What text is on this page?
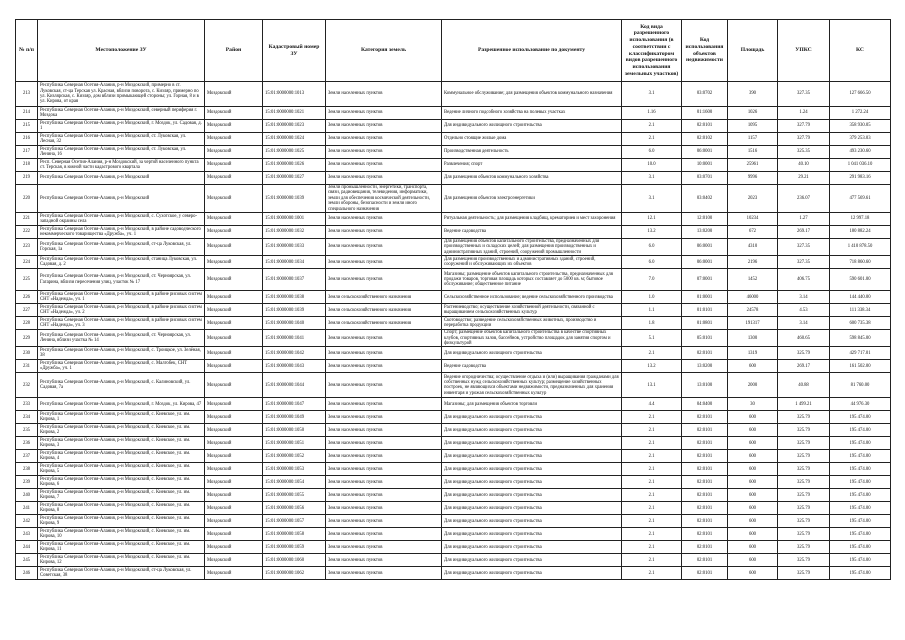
№ п/п	Местоположение ЗУ	Район	Кадастровый номер ЗУ	Категория земель	Разрешенное использование по документу	Код вида разрешенного использования (в соответствии с классификатором видов разрешенного использования земельных участков)	Код использования объектов недвижимости	Площадь	УПКС	КС
213	Республика Северная Осетия-Алания, р-н Моздокский, примерно в ст. Луковская, ст-ца Терская ул. Красная, вблизи поворота, с. Кизляр, примерно по ул. Кизлярская, с. Кизляр, дом вблизи примыкающей стороны; ул. Горная, 8 и в ул. Кирова, от края	Моздокский	15:01:0000000:1013	Земли населенных пунктов	Коммунальное обслуживание; для размещения объектов коммунального назначения	3.1	03:0702	390	327.35	127 666.50
214	Республика Северная Осетия-Алания, р-н Моздокский, северный периферия г. Моздока	Моздокский	15:01:0000000:1021	Земли населенных пунктов	Ведение личного подсобного хозяйства на полевых участках	1.16	01:1600	1026	1.24	1 272.24
215	Республика Северная Осетия-Алания, р-н Моздокский, г. Моздок, ул. Садовая, д. 1	Моздокский	15:01:0000000:1023	Земли населенных пунктов	Для индивидуального жилищного строительства	2.1	02:0101	1095	327.79	358 930.05
216	Республика Северная Осетия-Алания, р-н Моздокский, ст. Луковская, ул. Лесная, 32	Моздокский	15:01:0000000:1024	Земли населенных пунктов	Отдельно стоящие жилые дома	2.1	02:0102	1157	327.79	379 253.03
217	Республика Северная Осетия-Алания, р-н Моздокский, ст. Луковская, ул. Ленина, 16	Моздокский	15:01:0000000:1025	Земли населенных пунктов	Производственная деятельность	6.0	06:0001	1516	325.35	493 230.60
218	Респ. Северная Осетия-Алания, р-н Моздокский, за чертой населенного пункта ст. Терская, в южной части кадастрового квартала	Моздокский	15:01:0000000:1026	Земли населенных пунктов	Развлечения; спорт	10.0	10:0001	25961	40.10	1 041 036.10
219	Республика Северная Осетия-Алания, р-н Моздокский	Моздокский	15:01:0000000:1027	Земли населенных пунктов	Для размещения объектов коммунального хозяйства	3.1	03:0701	9996	29.21	291 983.16
220	Республика Северная Осетия-Алания, р-н Моздокский	Моздокский	15:01:0000000:1039	Земли промышленности, энергетики, транспорта, связи, радиовещания, телевидения, информатики, земли для обеспечения космической деятельности, земли обороны, безопасности и земли иного специального назначения	Для размещения объектов электроэнергетики	3.1	03:0402	2023	236.07	477 569.61
221	Республика Северная Осетия-Алания, р-н Моздокский, с. Сухотское, у северо-западной окраины села	Моздокский	15:01:0000000:1001	Земли населенных пунктов	Ритуальная деятельность; для размещения кладбищ, крематориев и мест захоронения	12.1	12:0100	10234	1.27	12 997.18
222	Республика Северная Осетия-Алания, р-н Моздокский, в районе садоводческого некоммерческого товарищества «Дружба», уч. 1	Моздокский	15:01:0000000:1032	Земли населенных пунктов	Ведение садоводства	13.2	13:0200	672	269.17	180 882.24
223	Республика Северная Осетия-Алания, р-н Моздокский, ст-ца Луковская, ул. Горская, 1а	Моздокский	15:01:0000000:1033	Земли населенных пунктов	Для размещения объектов капитального строительства, предназначенных для производственных и складских целей; для размещения производственных и административных зданий, строений, сооружений промышленности	6.0	06:0001	4310	327.35	1 410 878.50
224	Республика Северная Осетия-Алания, р-н Моздокский, станица Луковская, ул. Садовая, д. 2	Моздокский	15:01:0000000:1034	Земли населенных пунктов	Для размещения производственных и административных зданий, строений, сооружений и обслуживающих их объектов	6.0	06:0001	2196	327.35	718 860.60
225	Республика Северная Осетия-Алания, р-н Моздокский, ст. Черноярская, ул. Гагарина, вблизи пересечения улиц, участок № 17	Моздокский	15:01:0000000:1037	Земли населенных пунктов	Магазины; размещение объектов капитального строительства, предназначенных для продажи товаров, торговая площадь которых составляет до 5000 кв. м; бытовое обслуживание; общественное питание	7.0	07:0001	1452	406.75	590 601.00
226	Республика Северная Осетия-Алания, р-н Моздокский, в районе рисовых систем СНТ «Надежда», уч. 1	Моздокский	15:01:0000000:1038	Земли сельскохозяйственного назначения	Сельскохозяйственное использование; ведение сельскохозяйственного производства	1.0	01:0001	46000	3.14	144 440.00
227	Республика Северная Осетия-Алания, р-н Моздокский, в районе рисовых систем СНТ «Надежда», уч. 2	Моздокский	15:01:0000000:1039	Земли сельскохозяйственного назначения	Растениеводство; осуществление хозяйственной деятельности, связанной с выращиванием сельскохозяйственных культур	1.1	01:0101	24578	4.53	111 338.34
228	Республика Северная Осетия-Алания, р-н Моздокский, в районе рисовых систем СНТ «Надежда», уч. 3	Моздокский	15:01:0000000:1040	Земли сельскохозяйственного назначения	Скотоводство; разведение сельскохозяйственных животных, производство и переработка продукции	1.8	01:0801	191317	3.14	600 735.38
229	Республика Северная Осетия-Алания, р-н Моздокский, ст. Черноярская, ул. Ленина, вблизи участка № 14	Моздокский	15:01:0000000:1041	Земли населенных пунктов	Спорт; размещение объектов капитального строительства в качестве спортивных клубов, спортивных залов, бассейнов, устройство площадок для занятия спортом и физкультурой	5.1	05:0101	1300	460.65	598 845.00
230	Республика Северная Осетия-Алания, р-н Моздокский, с. Троицкое, ул. Зелёная, 38	Моздокский	15:01:0000000:1042	Земли населенных пунктов	Для индивидуального жилищного строительства	2.1	02:0101	1319	325.79	429 717.01
231	Республика Северная Осетия-Алания, р-н Моздокский, с. Малгобек, СНТ «Дружба», уч. 1	Моздокский	15:01:0000000:1043	Земли населенных пунктов	Ведение садоводства	13.2	13:0200	600	269.17	161 502.00
232	Республика Северная Осетия-Алания, р-н Моздокский, с. Калиновский, ул. Садовая, 7а	Моздокский	15:01:0000000:1044	Земли населенных пунктов	Ведение огородничества; осуществление отдыха и (или) выращивания гражданами для собственных нужд сельскохозяйственных культур; размещение хозяйственных построек, не являющихся объектами недвижимости, предназначенных для хранения инвентаря и урожая сельскохозяйственных культур	13.1	13:0100	2000	40.88	81 760.00
233	Республика Северная Осетия-Алания, р-н Моздокский, г. Моздок, ул. Кирова, 47	Моздокский	15:01:0000000:1047	Земли населенных пунктов	Магазины; для размещения объектов торговли	4.4	04:0400	30	1 499.21	44 976.30
234	Республика Северная Осетия-Алания, р-н Моздокский, с. Киевское, ул. им. Кирова, 1	Моздокский	15:01:0000000:1049	Земли населенных пунктов	Для индивидуального жилищного строительства	2.1	02:0101	600	325.79	195 474.00
235	Республика Северная Осетия-Алания, р-н Моздокский, с. Киевское, ул. им. Кирова, 2	Моздокский	15:01:0000000:1050	Земли населенных пунктов	Для индивидуального жилищного строительства	2.1	02:0101	600	325.79	195 474.00
236	Республика Северная Осетия-Алания, р-н Моздокский, с. Киевское, ул. им. Кирова, 3	Моздокский	15:01:0000000:1051	Земли населенных пунктов	Для индивидуального жилищного строительства	2.1	02:0101	600	325.79	195 474.00
237	Республика Северная Осетия-Алания, р-н Моздокский, с. Киевское, ул. им. Кирова, 4	Моздокский	15:01:0000000:1052	Земли населенных пунктов	Для индивидуального жилищного строительства	2.1	02:0101	600	325.79	195 474.00
238	Республика Северная Осетия-Алания, р-н Моздокский, с. Киевское, ул. им. Кирова, 5	Моздокский	15:01:0000000:1053	Земли населенных пунктов	Для индивидуального жилищного строительства	2.1	02:0101	600	325.79	195 474.00
239	Республика Северная Осетия-Алания, р-н Моздокский, с. Киевское, ул. им. Кирова, 6	Моздокский	15:01:0000000:1054	Земли населенных пунктов	Для индивидуального жилищного строительства	2.1	02:0101	600	325.79	195 474.00
240	Республика Северная Осетия-Алания, р-н Моздокский, с. Киевское, ул. им. Кирова, 7	Моздокский	15:01:0000000:1055	Земли населенных пунктов	Для индивидуального жилищного строительства	2.1	02:0101	600	325.79	195 474.00
241	Республика Северная Осетия-Алания, р-н Моздокский, с. Киевское, ул. им. Кирова, 8	Моздокский	15:01:0000000:1056	Земли населенных пунктов	Для индивидуального жилищного строительства	2.1	02:0101	600	325.79	195 474.00
242	Республика Северная Осетия-Алания, р-н Моздокский, с. Киевское, ул. им. Кирова, 9	Моздокский	15:01:0000000:1057	Земли населенных пунктов	Для индивидуального жилищного строительства	2.1	02:0101	600	325.79	195 474.00
243	Республика Северная Осетия-Алания, р-н Моздокский, с. Киевское, ул. им. Кирова, 10	Моздокский	15:01:0000000:1058	Земли населенных пунктов	Для индивидуального жилищного строительства	2.1	02:0101	600	325.79	195 474.00
244	Республика Северная Осетия-Алания, р-н Моздокский, с. Киевское, ул. им. Кирова, 11	Моздокский	15:01:0000000:1059	Земли населенных пунктов	Для индивидуального жилищного строительства	2.1	02:0101	600	325.79	195 474.00
245	Республика Северная Осетия-Алания, р-н Моздокский, с. Киевское, ул. им. Кирова, 12	Моздокский	15:01:0000000:1060	Земли населенных пунктов	Для индивидуального жилищного строительства	2.1	02:0101	600	325.79	195 474.00
246	Республика Северная Осетия-Алания, р-н Моздокский, ст-ца Луковская, ул. Советская, 38	Моздокский	15:01:0000000:1062	Земли населенных пунктов	Для индивидуального жилищного строительства	2.1	02:0101	600	325.79	195 474.00
